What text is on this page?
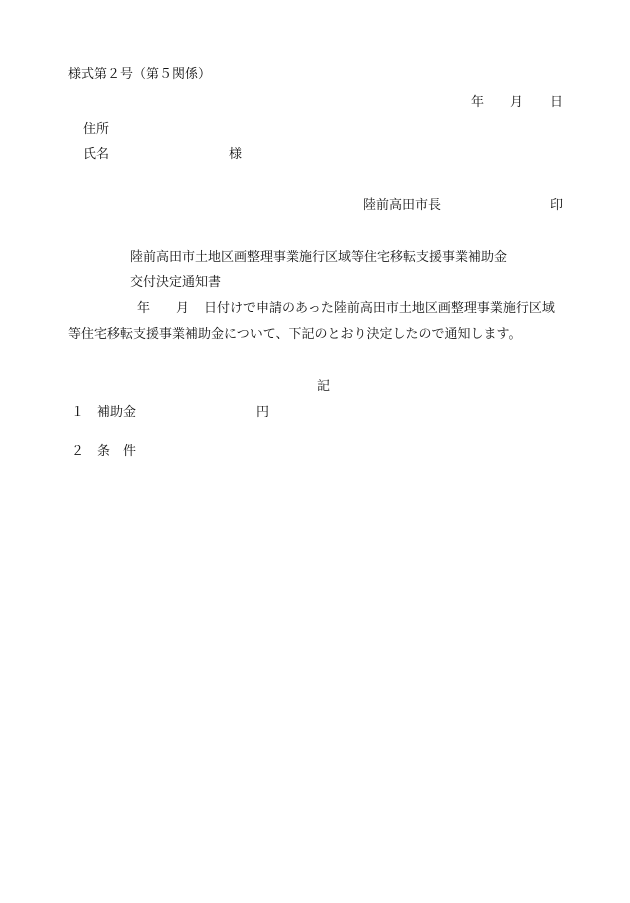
様式第２号（第５関係）
年 月 日
住所
氏名	様
陸前高田市長	印
陸前高田市土地区画整理事業施行区域等住宅移転支援事業補助金
交付決定通知書
年 月 日付けで申請のあった陸前高田市土地区画整理事業施行区域
等住宅移転支援事業補助金について、下記のとおり決定したので通知します。
記
１ 補助金	円
２ 条　件
